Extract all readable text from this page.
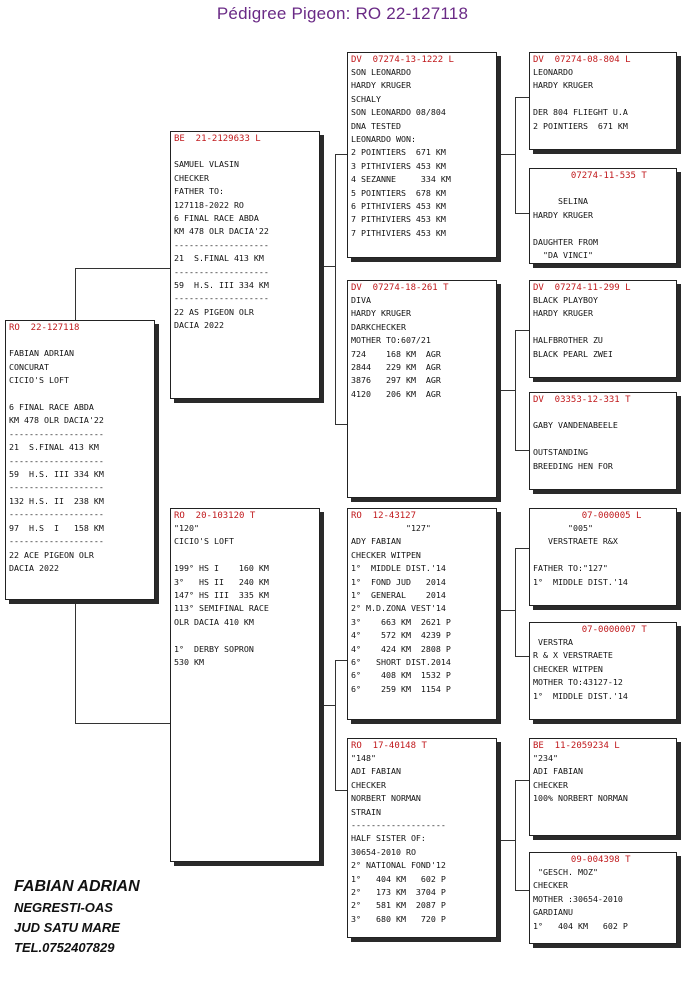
Pédigree Pigeon: RO 22-127118
RO  22-127118

FABIAN ADRIAN
CONCURAT
CICIO'S LOFT

6 FINAL RACE ABDA
KM 478 OLR DACIA'22
-------------------
21  S.FINAL 413 KM
-------------------
59  H.S. III 334 KM
-------------------
132 H.S. II  238 KM
-------------------
97  H.S  I   158 KM
-------------------
22 ACE PIGEON OLR
DACIA 2022
BE  21-2129633 L

SAMUEL VLASIN
CHECKER
FATHER TO:
127118-2022 RO
6 FINAL RACE ABDA
KM 478 OLR DACIA'22
-------------------
21  S.FINAL 413 KM
-------------------
59  H.S. III 334 KM
-------------------
22 AS PIGEON OLR
DACIA 2022
RO  20-103120 T
"120"
CICIO'S LOFT

199° HS I    160 KM
3°   HS II   240 KM
147° HS III  335 KM
113° SEMIFINAL RACE
OLR DACIA 410 KM

1°  DERBY SOPRON
530 KM
DV  07274-13-1222 L
SON LEONARDO
HARDY KRUGER
SCHALY
SON LEONARDO 08/804
DNA TESTED
LEONARDO WON:
2 POINTIERS  671 KM
3 PITHIVIERS 453 KM
4 SEZANNE     334 KM
5 POINTIERS  678 KM
6 PITHIVIERS 453 KM
7 PITHIVIERS 453 KM
7 PITHIVIERS 453 KM
DV  07274-18-261 T
DIVA
HARDY KRUGER
DARKCHECKER
MOTHER TO:607/21
724    168 KM  AGR
2844   229 KM  AGR
3876   297 KM  AGR
4120   206 KM  AGR
RO  12-43127
"127"
ADY FABIAN
CHECKER WITPEN
1°  MIDDLE DIST.'14
1°  FOND JUD   2014
1°  GENERAL    2014
2° M.D.ZONA VEST'14
3°    663 KM  2621 P
4°    572 KM  4239 P
4°    424 KM  2808 P
6°   SHORT DIST.2014
6°    408 KM  1532 P
6°    259 KM  1154 P
RO  17-40148 T
"148"
ADI FABIAN
CHECKER
NORBERT NORMAN
STRAIN
-------------------
HALF SISTER OF:
30654-2010 RO
2° NATIONAL FOND'12
1°   404 KM   602 P
2°   173 KM  3704 P
2°   581 KM  2087 P
3°   680 KM   720 P
DV  07274-08-804 L
LEONARDO
HARDY KRUGER

DER 804 FLIEGHT U.A
2 POINTIERS  671 KM
07274-11-535 T

SELINA
HARDY KRUGER

DAUGHTER FROM
"DA VINCI"
DV  07274-11-299 L
BLACK PLAYBOY
HARDY KRUGER

HALFBROTHER ZU
BLACK PEARL ZWEI
DV  03353-12-331 T

GABY VANDENABEELE

OUTSTANDING
BREEDING HEN FOR
07-000005 L
"005"
VERSTRAETE R&X

FATHER TO:"127"
1°  MIDDLE DIST.'14
07-0000007 T
VERSTRA
R & X VERSTRAETE
CHECKER WITPEN
MOTHER TO:43127-12
1°  MIDDLE DIST.'14
BE  11-2059234 L
"234"
ADI FABIAN
CHECKER
100% NORBERT NORMAN
09-004398 T
"GESCH. MOZ"
CHECKER
MOTHER :30654-2010
GARDIANU
1°   404 KM   602 P
FABIAN ADRIAN
NEGRESTI-OAS
JUD SATU MARE
TEL.0752407829
